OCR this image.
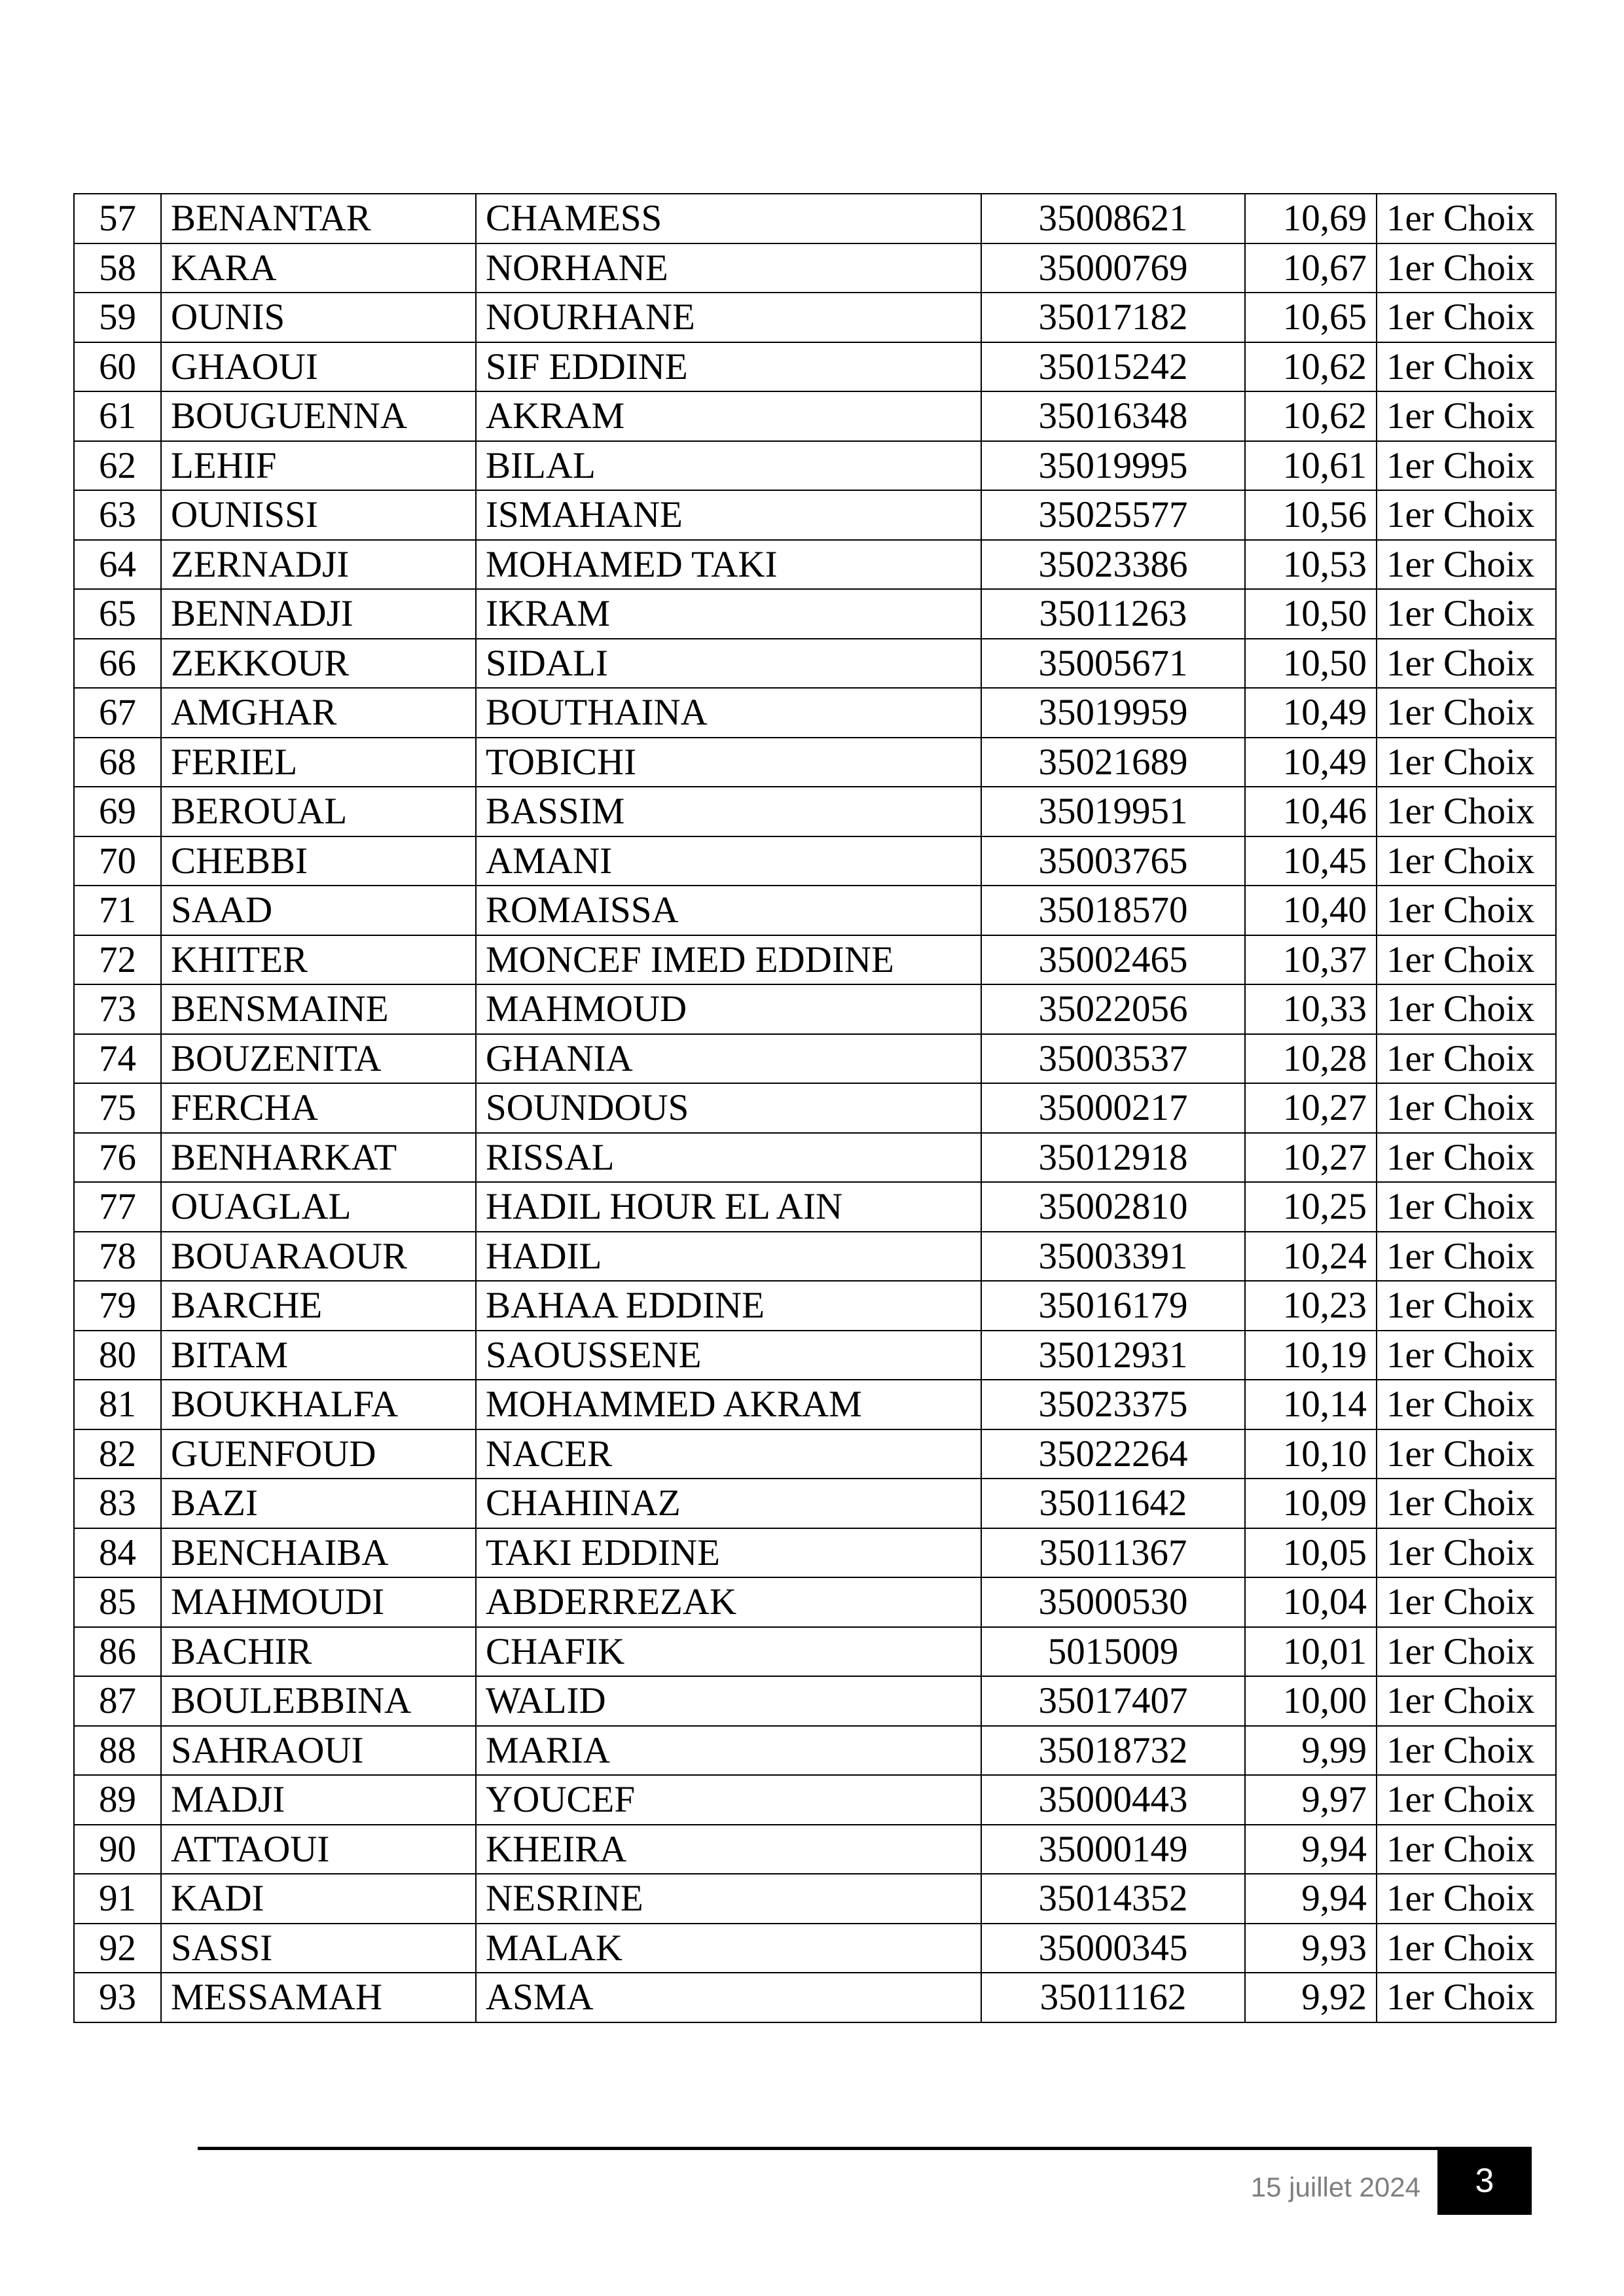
57	BENANTAR	CHAMESS	35008621	10,69	1er Choix
58	KARA	NORHANE	35000769	10,67	1er Choix
59	OUNIS	NOURHANE	35017182	10,65	1er Choix
60	GHAOUI	SIF EDDINE	35015242	10,62	1er Choix
61	BOUGUENNA	AKRAM	35016348	10,62	1er Choix
62	LEHIF	BILAL	35019995	10,61	1er Choix
63	OUNISSI	ISMAHANE	35025577	10,56	1er Choix
64	ZERNADJI	MOHAMED TAKI	35023386	10,53	1er Choix
65	BENNADJI	IKRAM	35011263	10,50	1er Choix
66	ZEKKOUR	SIDALI	35005671	10,50	1er Choix
67	AMGHAR	BOUTHAINA	35019959	10,49	1er Choix
68	FERIEL	TOBICHI	35021689	10,49	1er Choix
69	BEROUAL	BASSIM	35019951	10,46	1er Choix
70	CHEBBI	AMANI	35003765	10,45	1er Choix
71	SAAD	ROMAISSA	35018570	10,40	1er Choix
72	KHITER	MONCEF IMED EDDINE	35002465	10,37	1er Choix
73	BENSMAINE	MAHMOUD	35022056	10,33	1er Choix
74	BOUZENITA	GHANIA	35003537	10,28	1er Choix
75	FERCHA	SOUNDOUS	35000217	10,27	1er Choix
76	BENHARKAT	RISSAL	35012918	10,27	1er Choix
77	OUAGLAL	HADIL HOUR EL AIN	35002810	10,25	1er Choix
78	BOUARAOUR	HADIL	35003391	10,24	1er Choix
79	BARCHE	BAHAA EDDINE	35016179	10,23	1er Choix
80	BITAM	SAOUSSENE	35012931	10,19	1er Choix
81	BOUKHALFA	MOHAMMED AKRAM	35023375	10,14	1er Choix
82	GUENFOUD	NACER	35022264	10,10	1er Choix
83	BAZI	CHAHINAZ	35011642	10,09	1er Choix
84	BENCHAIBA	TAKI EDDINE	35011367	10,05	1er Choix
85	MAHMOUDI	ABDERREZAK	35000530	10,04	1er Choix
86	BACHIR	CHAFIK	5015009	10,01	1er Choix
87	BOULEBBINA	WALID	35017407	10,00	1er Choix
88	SAHRAOUI	MARIA	35018732	9,99	1er Choix
89	MADJI	YOUCEF	35000443	9,97	1er Choix
90	ATTAOUI	KHEIRA	35000149	9,94	1er Choix
91	KADI	NESRINE	35014352	9,94	1er Choix
92	SASSI	MALAK	35000345	9,93	1er Choix
93	MESSAMAH	ASMA	35011162	9,92	1er Choix
15 juillet 2024	3
